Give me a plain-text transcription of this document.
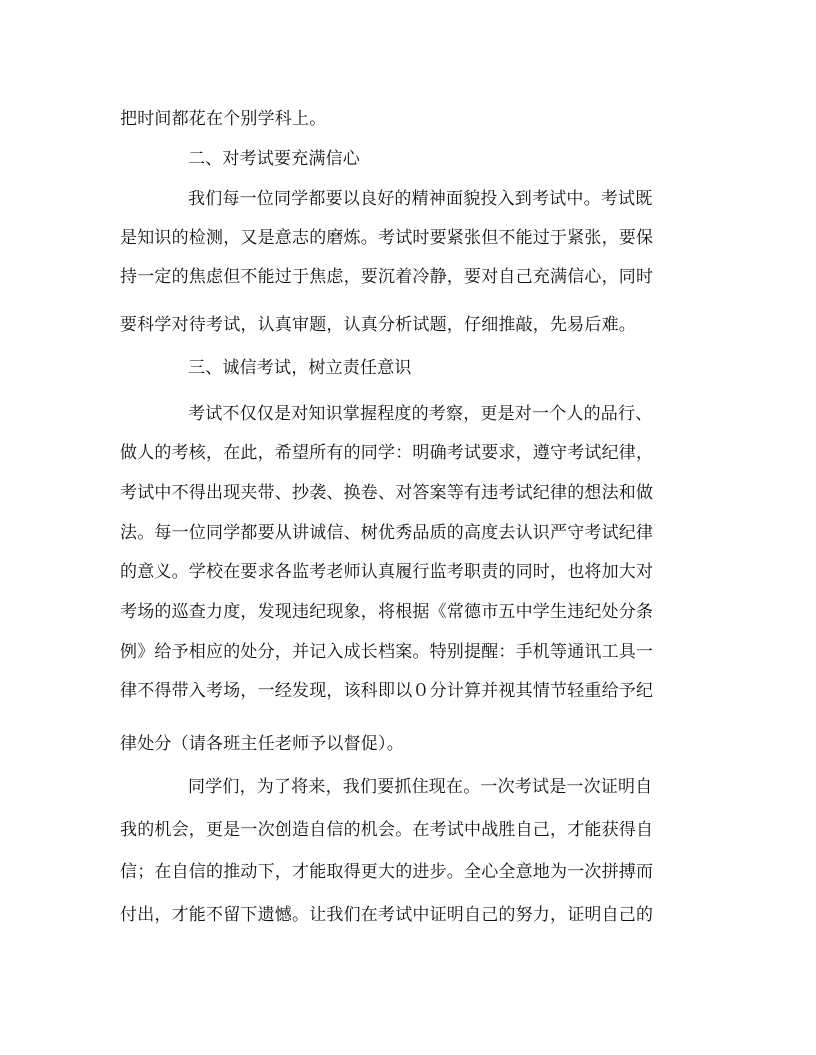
把时间都花在个别学科上。
二、对考试要充满信心
我们每一位同学都要以良好的精神面貌投入到考试中。考试既
是知识的检测，又是意志的磨炼。考试时要紧张但不能过于紧张，要保
持一定的焦虑但不能过于焦虑，要沉着冷静，要对自己充满信心，同时
要科学对待考试，认真审题，认真分析试题，仔细推敲，先易后难。
三、诚信考试，树立责任意识
考试不仅仅是对知识掌握程度的考察，更是对一个人的品行、
做人的考核，在此，希望所有的同学：明确考试要求，遵守考试纪律，
考试中不得出现夹带、抄袭、换卷、对答案等有违考试纪律的想法和做
法。每一位同学都要从讲诚信、树优秀品质的高度去认识严守考试纪律
的意义。学校在要求各监考老师认真履行监考职责的同时，也将加大对
考场的巡查力度，发现违纪现象，将根据《常德市五中学生违纪处分条
例》给予相应的处分，并记入成长档案。特别提醒：手机等通讯工具一
律不得带入考场，一经发现，该科即以０分计算并视其情节轻重给予纪
律处分（请各班主任老师予以督促）。
同学们，为了将来，我们要抓住现在。一次考试是一次证明自
我的机会，更是一次创造自信的机会。在考试中战胜自己，才能获得自
信；在自信的推动下，才能取得更大的进步。全心全意地为一次拼搏而
付出，才能不留下遗憾。让我们在考试中证明自己的努力，证明自己的
